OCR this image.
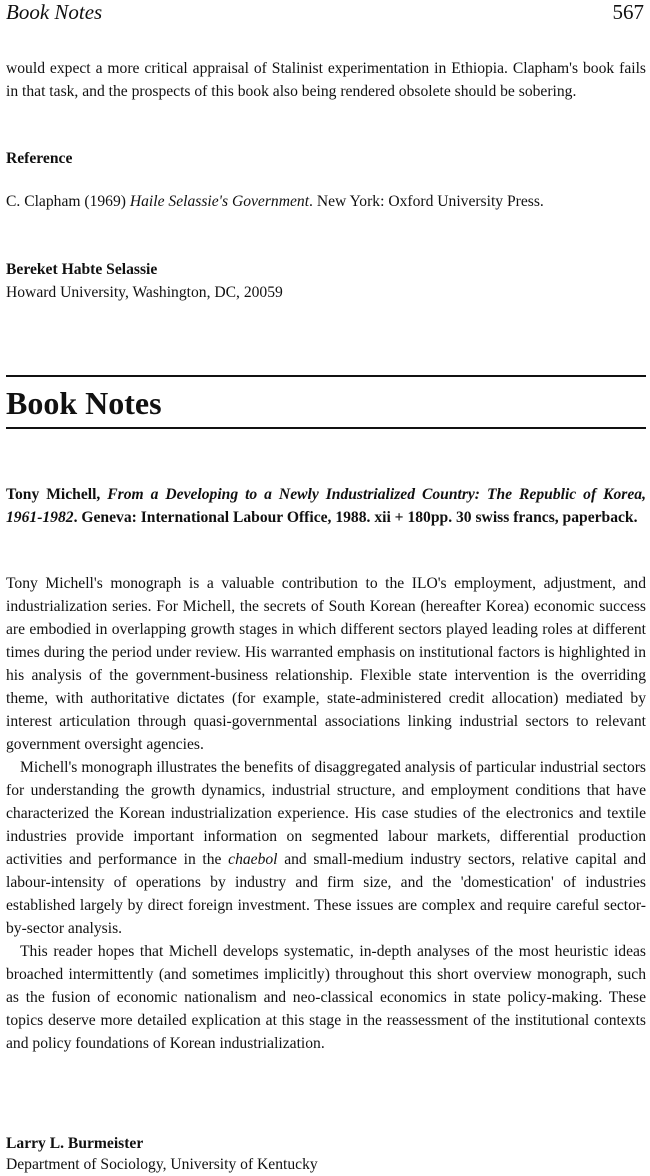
Book Notes	567

would expect a more critical appraisal of Stalinist experimentation in Ethiopia. Clapham's book fails in that task, and the prospects of this book also being rendered obsolete should be sobering.

Reference

C. Clapham (1969) Haile Selassie's Government. New York: Oxford University Press.

Bereket Habte Selassie
Howard University, Washington, DC, 20059
Book Notes

Tony Michell, From a Developing to a Newly Industrialized Country: The Republic of Korea, 1961-1982. Geneva: International Labour Office, 1988. xii + 180pp. 30 swiss francs, paperback.

Tony Michell's monograph is a valuable contribution to the ILO's employment, adjustment, and industrialization series. For Michell, the secrets of South Korean (hereafter Korea) economic success are embodied in overlapping growth stages in which different sectors played leading roles at different times during the period under review. His warranted emphasis on institutional factors is highlighted in his analysis of the government-business relationship. Flexible state intervention is the overriding theme, with authoritative dictates (for example, state-administered credit allocation) mediated by interest articulation through quasi-governmental associations linking industrial sectors to relevant government oversight agencies.

Michell's monograph illustrates the benefits of disaggregated analysis of particular industrial sectors for understanding the growth dynamics, industrial structure, and employment conditions that have characterized the Korean industrialization experience. His case studies of the electronics and textile industries provide important information on segmented labour markets, differential production activities and performance in the chaebol and small-medium industry sectors, relative capital and labour-intensity of operations by industry and firm size, and the 'domestication' of industries established largely by direct foreign investment. These issues are complex and require careful sector-by-sector analysis.

This reader hopes that Michell develops systematic, in-depth analyses of the most heuristic ideas broached intermittently (and sometimes implicitly) throughout this short overview monograph, such as the fusion of economic nationalism and neo-classical economics in state policy-making. These topics deserve more detailed explication at this stage in the reassessment of the institutional contexts and policy foundations of Korean industrialization.

Larry L. Burmeister
Department of Sociology, University of Kentucky
